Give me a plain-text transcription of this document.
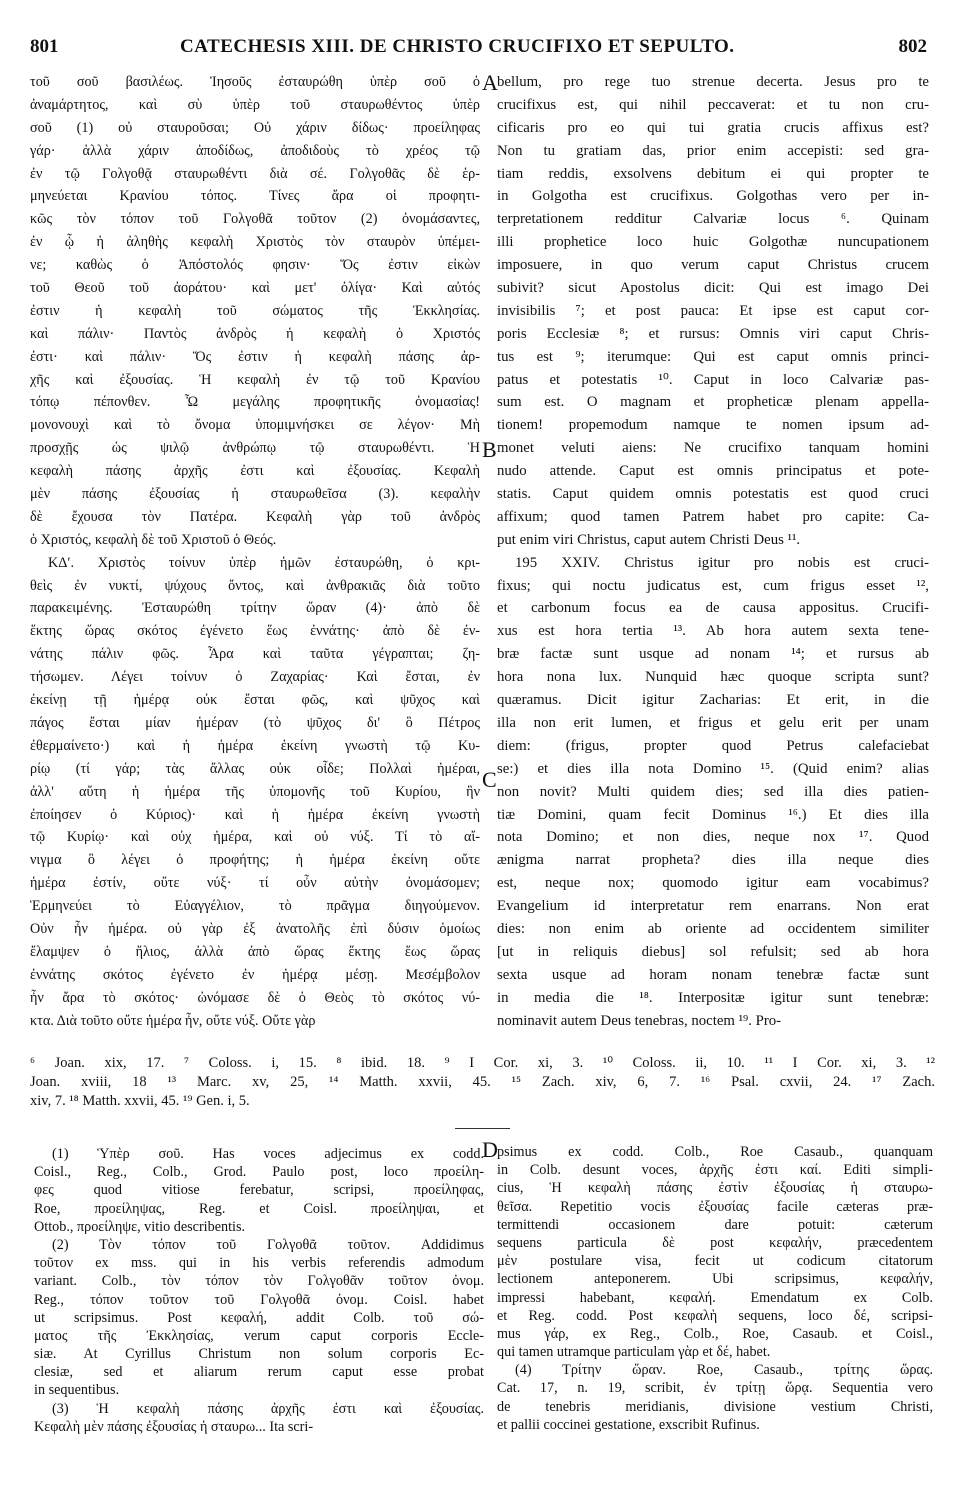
801	CATECHESIS XIII. DE CHRISTO CRUCIFIXO ET SEPULTO.	802
A
B
C
D
τοῦ σοῦ βασιλέως. Ἰησοῦς ἐσταυρώθη ὑπὲρ σοῦ ὁ
ἀναμάρτητος, καὶ σὺ ὑπὲρ τοῦ σταυρωθέντος ὑπὲρ
σοῦ (1) οὐ σταυροῦσαι; Οὐ χάριν δίδως· προείληφας
γάρ· ἀλλὰ χάριν ἀποδίδως, ἀποδιδοὺς τὸ χρέος τῷ
ἐν τῷ Γολγοθᾷ σταυρωθέντι διὰ σέ. Γολγοθᾶς δὲ ἑρ-
μηνεύεται Κρανίου τόπος. Τίνες ἄρα οἱ προφητι-
κῶς τὸν τόπον τοῦ Γολγοθᾶ τοῦτον (2) ὀνομάσαντες,
ἐν ᾧ ἡ ἀληθὴς κεφαλὴ Χριστὸς τὸν σταυρὸν ὑπέμει-
νε; καθὼς ὁ Ἀπόστολός φησιν· Ὅς ἐστιν εἰκὼν
τοῦ Θεοῦ τοῦ ἀοράτου· καὶ μετ' ὀλίγα· Καὶ αὐτός
ἐστιν ἡ κεφαλὴ τοῦ σώματος τῆς Ἐκκλησίας.
καὶ πάλιν· Παντὸς ἀνδρὸς ἡ κεφαλὴ ὁ Χριστός
ἐστι· καὶ πάλιν· Ὅς ἐστιν ἡ κεφαλὴ πάσης ἀρ-
χῆς καὶ ἐξουσίας. Ἡ κεφαλὴ ἐν τῷ τοῦ Κρανίου
τόπῳ πέπονθεν. Ὦ μεγάλης προφητικῆς ὀνομασίας!
μονονουχὶ καὶ τὸ ὄνομα ὑπομιμνήσκει σε λέγον· Μὴ
προσχῇς ὡς ψιλῷ ἀνθρώπῳ τῷ σταυρωθέντι. Ἡ
κεφαλὴ πάσης ἀρχῆς ἐστι καὶ ἐξουσίας. Κεφαλὴ
μὲν πάσης ἐξουσίας ἡ σταυρωθεῖσα (3). κεφαλὴν
δὲ ἔχουσα τὸν Πατέρα. Κεφαλὴ γὰρ τοῦ ἀνδρὸς
ὁ Χριστός, κεφαλὴ δὲ τοῦ Χριστοῦ ὁ Θεός.
ΚΔʹ. Χριστὸς τοίνυν ὑπὲρ ἡμῶν ἐσταυρώθη, ὁ κρι-
θεὶς ἐν νυκτί, ψύχους ὄντος, καὶ ἀνθρακιᾶς διὰ τοῦτο
παρακειμένης. Ἐσταυρώθη τρίτην ὥραν (4)· ἀπὸ δὲ
ἕκτης ὥρας σκότος ἐγένετο ἕως ἐννάτης· ἀπὸ δὲ ἐν-
νάτης πάλιν φῶς. Ἆρα καὶ ταῦτα γέγραπται; ζη-
τήσωμεν. Λέγει τοίνυν ὁ Ζαχαρίας· Καὶ ἔσται, ἐν
ἐκείνῃ τῇ ἡμέρᾳ οὐκ ἔσται φῶς, καὶ ψῦχος καὶ
πάγος ἔσται μίαν ἡμέραν (τὸ ψῦχος δι' ὃ Πέτρος
ἐθερμαίνετο·) καὶ ἡ ἡμέρα ἐκείνη γνωστὴ τῷ Κυ-
ρίῳ (τί γάρ; τὰς ἄλλας οὐκ οἶδε; Πολλαὶ ἡμέραι,
ἀλλ' αὕτη ἡ ἡμέρα τῆς ὑπομονῆς τοῦ Κυρίου, ἣν
ἐποίησεν ὁ Κύριος)· καὶ ἡ ἡμέρα ἐκείνη γνωστὴ
τῷ Κυρίῳ· καὶ οὐχ ἡμέρα, καὶ οὐ νύξ. Τί τὸ αἴ-
νιγμα ὃ λέγει ὁ προφήτης; ἡ ἡμέρα ἐκείνη οὔτε
ἡμέρα ἐστίν, οὔτε νύξ· τί οὖν αὐτὴν ὀνομάσομεν;
Ἑρμηνεύει τὸ Εὐαγγέλιον, τὸ πρᾶγμα διηγούμενον.
Οὐν ἦν ἡμέρα. οὐ γὰρ ἐξ ἀνατολῆς ἐπὶ δύσιν ὁμοίως
ἔλαμψεν ὁ ἥλιος, ἀλλὰ ἀπὸ ὥρας ἕκτης ἕως ὥρας
ἐννάτης σκότος ἐγένετο ἐν ἡμέρᾳ μέσῃ. Μεσέμβολον
ἦν ἄρα τὸ σκότος· ὠνόμασε δὲ ὁ Θεὸς τὸ σκότος νύ-
κτα. Διὰ τοῦτο οὔτε ἡμέρα ἦν, οὔτε νύξ. Οὔτε γὰρ
bellum, pro rege tuo strenue decerta. Jesus pro te
crucifixus est, qui nihil peccaverat: et tu non cru-
cificaris pro eo qui tui gratia crucis affixus est?
Non tu gratiam das, prior enim accepisti: sed gra-
tiam reddis, exsolvens debitum ei qui propter te
in Golgotha est crucifixus. Golgothas vero per in-
terpretationem redditur Calvariæ locus ⁶. Quinam
illi prophetice loco huic Golgothæ nuncupationem
imposuere, in quo verum caput Christus crucem
subivit? sicut Apostolus dicit: Qui est imago Dei
invisibilis ⁷; et post pauca: Et ipse est caput cor-
poris Ecclesiæ ⁸; et rursus: Omnis viri caput Chris-
tus est ⁹; iterumque: Qui est caput omnis princi-
patus et potestatis ¹⁰. Caput in loco Calvariæ pas-
sum est. O magnam et propheticæ plenam appella-
tionem! propemodum namque te nomen ipsum ad-
monet veluti aiens: Ne crucifixo tanquam homini
nudo attende. Caput est omnis principatus et pote-
statis. Caput quidem omnis potestatis est quod cruci
affixum; quod tamen Patrem habet pro capite: Ca-
put enim viri Christus, caput autem Christi Deus ¹¹.
195 XXIV. Christus igitur pro nobis est cruci-
fixus; qui noctu judicatus est, cum frigus esset ¹²,
et carbonum focus ea de causa appositus. Crucifi-
xus est hora tertia ¹³. Ab hora autem sexta tene-
bræ factæ sunt usque ad nonam ¹⁴; et rursus ab
hora nona lux. Nunquid hæc quoque scripta sunt?
quæramus. Dicit igitur Zacharias: Et erit, in die
illa non erit lumen, et frigus et gelu erit per unam
diem: (frigus, propter quod Petrus calefaciebat
se:) et dies illa nota Domino ¹⁵. (Quid enim? alias
non novit? Multi quidem dies; sed illa dies patien-
tiæ Domini, quam fecit Dominus ¹⁶.) Et dies illa
nota Domino; et non dies, neque nox ¹⁷. Quod
ænigma narrat propheta? dies illa neque dies
est, neque nox; quomodo igitur eam vocabimus?
Evangelium id interpretatur rem enarrans. Non erat
dies: non enim ab oriente ad occidentem similiter
[ut in reliquis diebus] sol refulsit; sed ab hora
sexta usque ad horam nonam tenebræ factæ sunt
in media die ¹⁸. Interpositæ igitur sunt tenebræ:
nominavit autem Deus tenebras, noctem ¹⁹. Pro-
⁶ Joan. xix, 17. ⁷ Coloss. i, 15. ⁸ ibid. 18. ⁹ I Cor. xi, 3. ¹⁰ Coloss. ii, 10. ¹¹ I Cor. xi, 3. ¹²
Joan. xviii, 18 ¹³ Marc. xv, 25, ¹⁴ Matth. xxvii, 45. ¹⁵ Zach. xiv, 6, 7. ¹⁶ Psal. cxvii, 24. ¹⁷ Zach.
xiv, 7. ¹⁸ Matth. xxvii, 45. ¹⁹ Gen. i, 5.
(1) Ὑπὲρ σοῦ. Has voces adjecimus ex codd.
Coisl., Reg., Colb., Grod. Paulo post, loco προείλη-
φες quod vitiose ferebatur, scripsi, προείληφας,
Roe, προείληψας, Reg. et Coisl. προείληψαι, et
Ottob., προείληψε, vitio describentis.
(2) Τὸν τόπον τοῦ Γολγοθᾶ τοῦτον. Addidimus
τοῦτον ex mss. qui in his verbis referendis admodum
variant. Colb., τὸν τόπον τὸν Γολγοθᾶν τοῦτον ὀνομ.
Reg., τόπον τοῦτον τοῦ Γολγοθᾶ ὀνομ. Coisl. habet
ut scripsimus. Post κεφαλή, addit Colb. τοῦ σώ-
ματος τῆς Ἐκκλησίας, verum caput corporis Eccle-
siæ. At Cyrillus Christum non solum corporis Ec-
clesiæ, sed et aliarum rerum caput esse probat
in sequentibus.
(3) Ἡ κεφαλὴ πάσης ἀρχῆς ἐστι καὶ ἐξουσίας.
Κεφαλὴ μὲν πάσης ἐξουσίας ἡ σταυρω... Ita scri-
psimus ex codd. Colb., Roe Casaub., quanquam
in Colb. desunt voces, ἀρχῆς ἐστι καί. Editi simpli-
cius, Ἡ κεφαλὴ πάσης ἐστὶν ἐξουσίας ἡ σταυρω-
θεῖσα. Repetitio vocis ἐξουσίας facile cæteras præ-
termittendi occasionem dare potuit: cæterum
sequens particula δὲ post κεφαλήν, præcedentem
μὲν postulare visa, fecit ut codicum citatorum
lectionem anteponerem. Ubi scripsimus, κεφαλήν,
impressi habebant, κεφαλή. Emendatum ex Colb.
et Reg. codd. Post κεφαλὴ sequens, loco δέ, scripsi-
mus γάρ, ex Reg., Colb., Roe, Casaub. et Coisl.,
qui tamen utramque particulam γὰρ et δέ, habet.
(4) Τρίτην ὥραν. Roe, Casaub., τρίτης ὥρας.
Cat. 17, n. 19, scribit, ἐν τρίτῃ ὥρᾳ. Sequentia vero
de tenebris meridianis, divisione vestium Christi,
et pallii coccinei gestatione, exscribit Rufinus.
